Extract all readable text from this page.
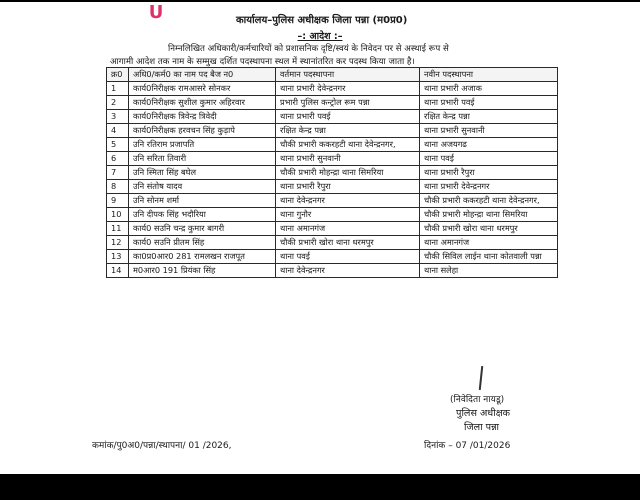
U	कार्यालय–पुलिस अधीक्षक जिला पन्ना (म0प्र0)
–: आदेश :–
निम्नलिखित अधिकारी/कर्मचारियों को प्रशासनिक दृष्टि/स्वयं के निवेदन पर से अस्थाई रूप से
आगामी आदेश तक नाम के सम्मुख दर्शित पदस्थापना स्थल में स्थानांतरित कर पदस्थ किया जाता है।
क्र0	अधि0/कर्म0 का नाम पद बैज न0	वर्तमान पदस्थापना	नवीन पदस्थापना
1	कार्य0निरीक्षक रामआसरे सोनकर	थाना प्रभारी देवेन्द्रनगर	थाना प्रभारी अजाक
2	कार्य0निरीक्षक सुशील कुमार अहिरवार	प्रभारी पुलिस कन्ट्रोल रूम पन्ना	थाना प्रभारी पवई
3	कार्य0निरीक्षक त्रिवेन्द्र त्रिवेदी	थाना प्रभारी पवई	रक्षित केन्द्र पन्ना
4	कार्य0निरीक्षक हरवचन सिंह कुड़ापे	रक्षित केन्द्र पन्ना	थाना प्रभारी सुनवानी
5	उनि रतिराम प्रजापति	चौकी प्रभारी ककरहटी थाना देवेन्द्रनगर,	थाना अजयगढ
6	उनि सरिता तिवारी	थाना प्रभारी सुनवानी	थाना पवई
7	उनि स्मिता सिंह बघेल	चौकी प्रभारी मोहन्द्रा थाना सिमरिया	थाना प्रभारी रैपुरा
8	उनि संतोष यादव	थाना प्रभारी रैपुरा	थाना प्रभारी देवेन्द्रनगर
9	उनि सोनम शर्मा	थाना देवेन्द्रनगर	चौकी प्रभारी ककरहटी थाना देवेन्द्रनगर,
10	उनि दीपक सिंह भदौरिया	थाना गुनौर	चौकी प्रभारी मोहन्द्रा थाना सिमरिया
11	कार्य0 सउनि चन्द्र कुमार बागरी	थाना अमानगंज	चौकी प्रभारी खोरा थाना धरमपुर
12	कार्य0 सउनि प्रीतम सिंह	चौकी प्रभारी खोरा थाना धरमपुर	थाना अमानगंज
13	का0प्र0आर0 281 रामलखन राजपूत	थाना पवई	चौकी सिविल लाईन थाना कोतवाली पन्ना
14	म0आर0 191 प्रियंका सिंह	थाना देवेन्द्रनगर	थाना सलेहा
(निवेदिता नायडू)
पुलिस अधीक्षक
जिला पन्ना
कमांक/पु0अ0/पन्ना/स्थापना/ 01 /2026,	दिनांक – 07 /01/2026
